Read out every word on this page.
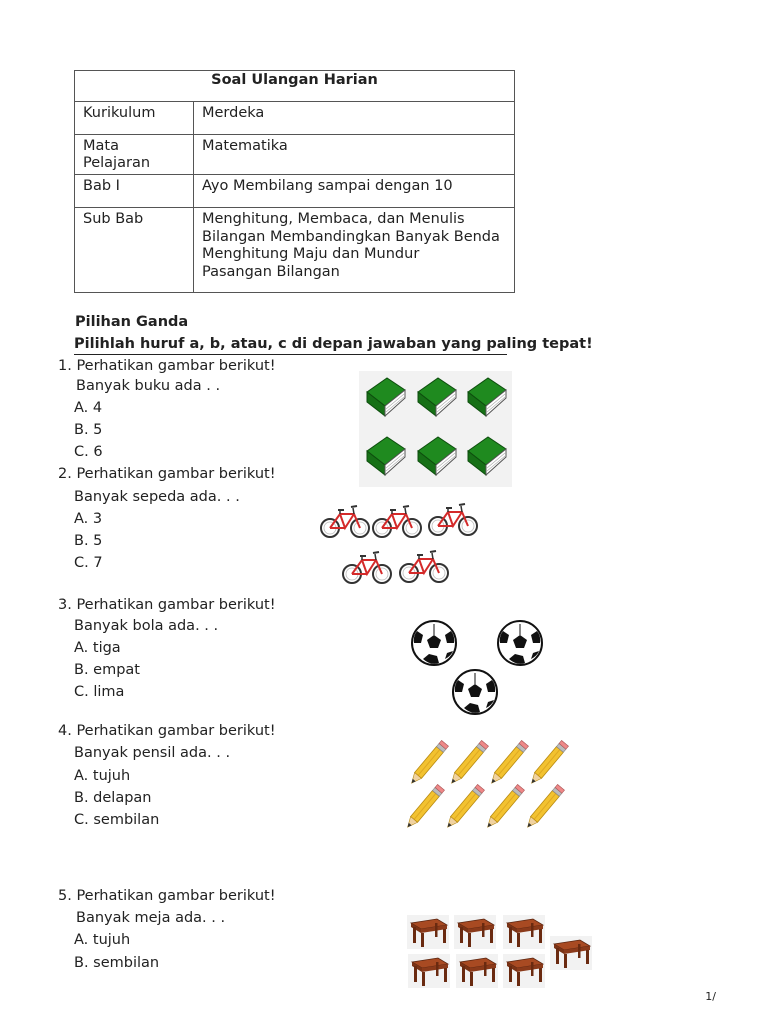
Soal Ulangan Harian	
Kurikulum	Merdeka
Mata Pelajaran	Matematika
Bab I	Ayo Membilang sampai dengan 10
Sub Bab	Menghitung, Membaca, dan Menulis
Bilangan Membandingkan Banyak Benda
Menghitung Maju dan Mundur
Pasangan Bilangan
Pilihan Ganda
Pilihlah huruf a, b, atau, c di depan jawaban yang paling tepat!
1. Perhatikan gambar berikut!
Banyak buku ada . .
A. 4
B. 5
C. 6
2. Perhatikan gambar berikut!
Banyak sepeda ada. . .
A. 3
B. 5
C. 7
3. Perhatikan gambar berikut!
Banyak bola ada. . .
A. tiga
B. empat
C. lima
4. Perhatikan gambar berikut!
Banyak pensil ada. . .
A. tujuh
B. delapan
C. sembilan
5. Perhatikan gambar berikut!
Banyak meja ada. . .
A. tujuh
B. sembilan
1/
